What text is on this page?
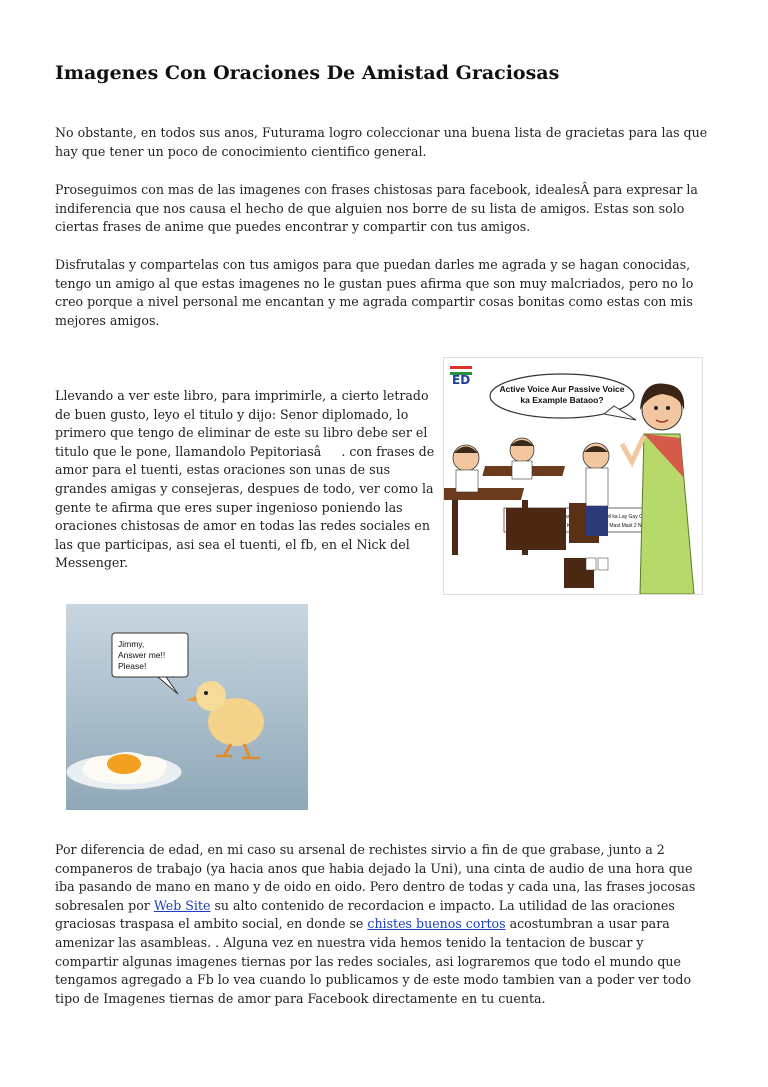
Imagenes Con Oraciones De Amistad Graciosas

No obstante, en todos sus anos, Futurama logro coleccionar una buena lista de gracietas para las que hay que tener un poco de conocimiento cientifico general.

Proseguimos con mas de las imagenes con frases chistosas para facebook, idealesÂ para expresar la indiferencia que nos causa el hecho de que alguien nos borre de su lista de amigos. Estas son solo ciertas frases de anime que puedes encontrar y compartir con tus amigos.

Disfrutalas y compartelas con tus amigos para que puedan darles me agrada y se hagan conocidas, tengo un amigo al que estas imagenes no le gustan pues afirma que son muy malcriados, pero no lo creo porque a nivel personal me encantan y me agrada compartir cosas bonitas como estas con mis mejores amigos.

Llevando a ver este libro, para imprimirle, a cierto letrado de buen gusto, leyo el titulo y dijo: Senor diplomado, lo primero que tengo de eliminar de este su libro debe ser el titulo que le pone, llamandolo Pepitoriasâ. con frases de amor para el tuenti, estas oraciones son unas de sus grandes amigas y consejeras, despues de todo, ver como la gente te afirma que eres super ingenioso poniendo las oraciones chistosas de amor en todas las redes sociales en las que participas, asi sea el tuenti, el fb, en el Nick del Messenger.

Por diferencia de edad, en mi caso su arsenal de rechistes sirvio a fin de que grabase, junto a 2 companeros de trabajo (ya hacia anos que habia dejado la Uni), una cinta de audio de una hora que iba pasando de mano en mano y de oido en oido. Pero dentro de todas y cada una, las frases jocosas sobresalen por Web Site su alto contenido de recordacion e impacto. La utilidad de las oraciones graciosas traspasa el ambito social, en donde se chistes buenos cortos acostumbran a usar para amenizar las asambleas. . Alguna vez en nuestra vida hemos tenido la tentacion de buscar y compartir algunas imagenes tiernas por las redes sociales, asi lograremos que todo el mundo que tengamos agregado a Fb lo vea cuando lo publicamos y de este modo tambien van a poder ver todo tipo de Imagenes tiernas de amor para Facebook directamente en tu cuenta.

ED
Active Voice Aur Passive Voice
ka Example Bataoo?
Mast Dil ka Lay Gay
Mast Mast 2
Jimmy,
Answer me!!
Please!
